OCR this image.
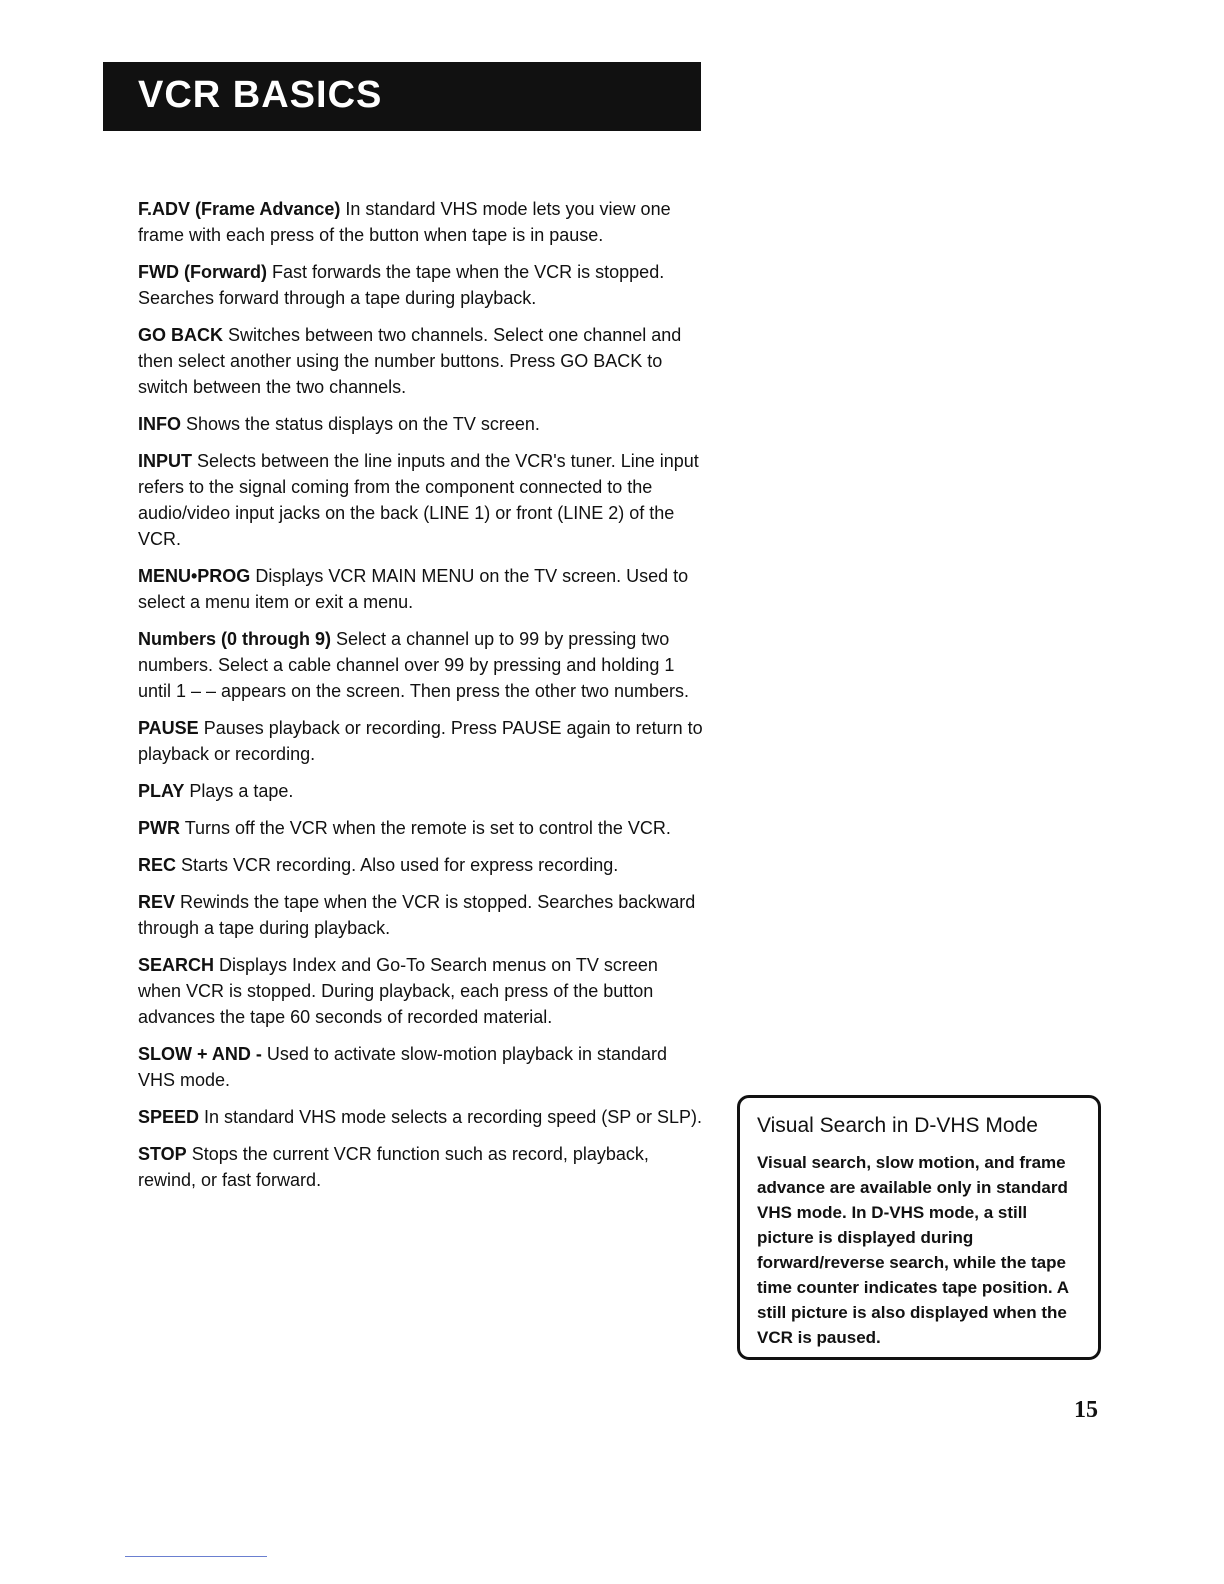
VCR BASICS

F.ADV (Frame Advance) In standard VHS mode lets you view one frame with each press of the button when tape is in pause.

FWD (Forward) Fast forwards the tape when the VCR is stopped. Searches forward through a tape during playback.

GO BACK Switches between two channels. Select one channel and then select another using the number buttons. Press GO BACK to switch between the two channels.

INFO Shows the status displays on the TV screen.

INPUT Selects between the line inputs and the VCR's tuner. Line input refers to the signal coming from the component connected to the audio/video input jacks on the back (LINE 1) or front (LINE 2) of the VCR.

MENU•PROG Displays VCR MAIN MENU on the TV screen. Used to select a menu item or exit a menu.

Numbers (0 through 9) Select a channel up to 99 by pressing two numbers. Select a cable channel over 99 by pressing and holding 1 until 1 – – appears on the screen. Then press the other two numbers.

PAUSE Pauses playback or recording. Press PAUSE again to return to playback or recording.

PLAY Plays a tape.

PWR Turns off the VCR when the remote is set to control the VCR.

REC Starts VCR recording. Also used for express recording.

REV Rewinds the tape when the VCR is stopped. Searches backward through a tape during playback.

SEARCH Displays Index and Go-To Search menus on TV screen when VCR is stopped. During playback, each press of the button advances the tape 60 seconds of recorded material.

SLOW + AND - Used to activate slow-motion playback in standard VHS mode.

SPEED In standard VHS mode selects a recording speed (SP or SLP).

STOP Stops the current VCR function such as record, playback, rewind, or fast forward.

Visual Search in D-VHS Mode
Visual search, slow motion, and frame advance are available only in standard VHS mode. In D-VHS mode, a still picture is displayed during forward/reverse search, while the tape time counter indicates tape position. A still picture is also displayed when the VCR is paused.
15
